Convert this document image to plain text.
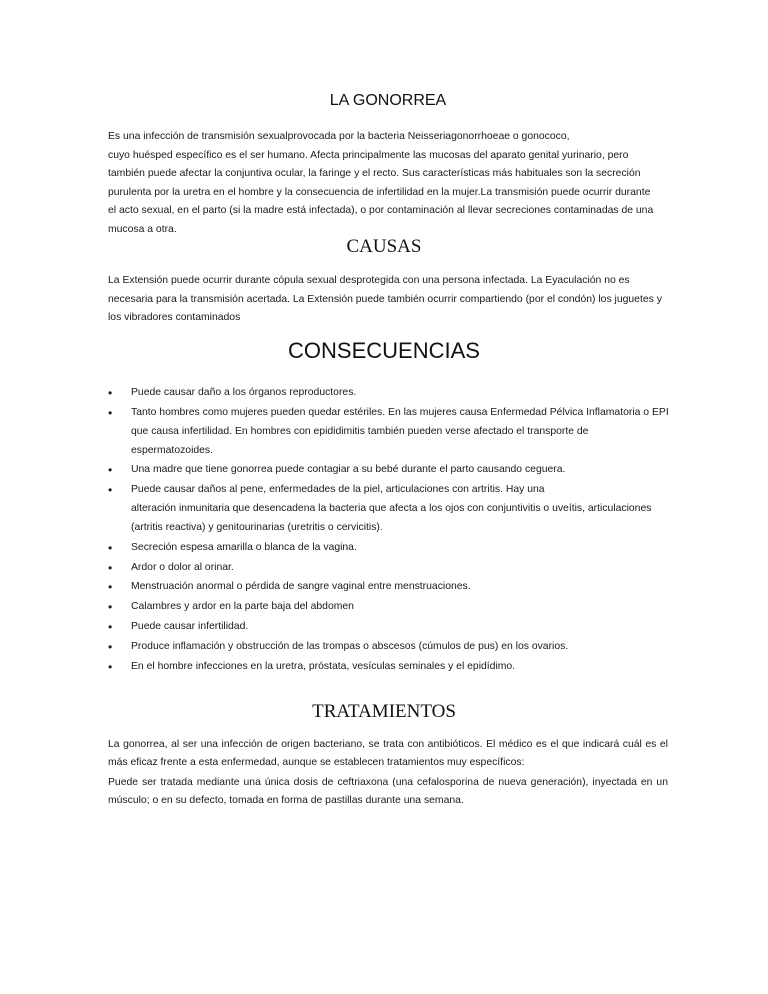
LA GONORREA

Es una infección de transmisión sexualprovocada por la bacteria Neisseriagonorrhoeae o gonococo,
cuyo huésped específico es el ser humano. Afecta principalmente las mucosas del aparato genital yurinario, pero
también puede afectar la conjuntiva ocular, la faringe y el recto. Sus características más habituales son la secreción
purulenta por la uretra en el hombre y la consecuencia de infertilidad en la mujer.La transmisión puede ocurrir durante
el acto sexual, en el parto (si la madre está infectada), o por contaminación al llevar secreciones contaminadas de una
mucosa a otra.

CAUSAS

La Extensión puede ocurrir durante cópula sexual desprotegida con una persona infectada. La Eyaculación no es
necesaria para la transmisión acertada. La Extensión puede también ocurrir compartiendo (por el condón) los juguetes y
los vibradores contaminados

CONSECUENCIAS
• Puede causar daño a los órganos reproductores.
• Tanto hombres como mujeres pueden quedar estériles. En las mujeres causa Enfermedad Pélvica Inflamatoria o EPI
que causa infertilidad. En hombres con epididimitis también pueden verse afectado el transporte de
espermatozoides.
• Una madre que tiene gonorrea puede contagiar a su bebé durante el parto causando ceguera.
• Puede causar daños al pene, enfermedades de la piel, articulaciones con artritis. Hay una
alteración inmunitaria que desencadena la bacteria que afecta a los ojos con conjuntivitis o uveítis, articulaciones
(artritis reactiva) y genitourinarias (uretritis o cervicitis).
• Secreción espesa amarilla o blanca de la vagina.
• Ardor o dolor al orinar.
• Menstruación anormal o pérdida de sangre vaginal entre menstruaciones.
• Calambres y ardor en la parte baja del abdomen
• Puede causar infertilidad.
• Produce inflamación y obstrucción de las trompas o abscesos (cúmulos de pus) en los ovarios.
• En el hombre infecciones en la uretra, próstata, vesículas seminales y el epidídimo.
TRATAMIENTOS

La gonorrea, al ser una infección de origen bacteriano, se trata con antibióticos. El médico es el que indicará cuál es el más eficaz frente a esta enfermedad, aunque se establecen tratamientos muy específicos:

Puede ser tratada mediante una única dosis de ceftriaxona (una cefalosporina de nueva generación), inyectada en un músculo; o en su defecto, tomada en forma de pastillas durante una semana.
